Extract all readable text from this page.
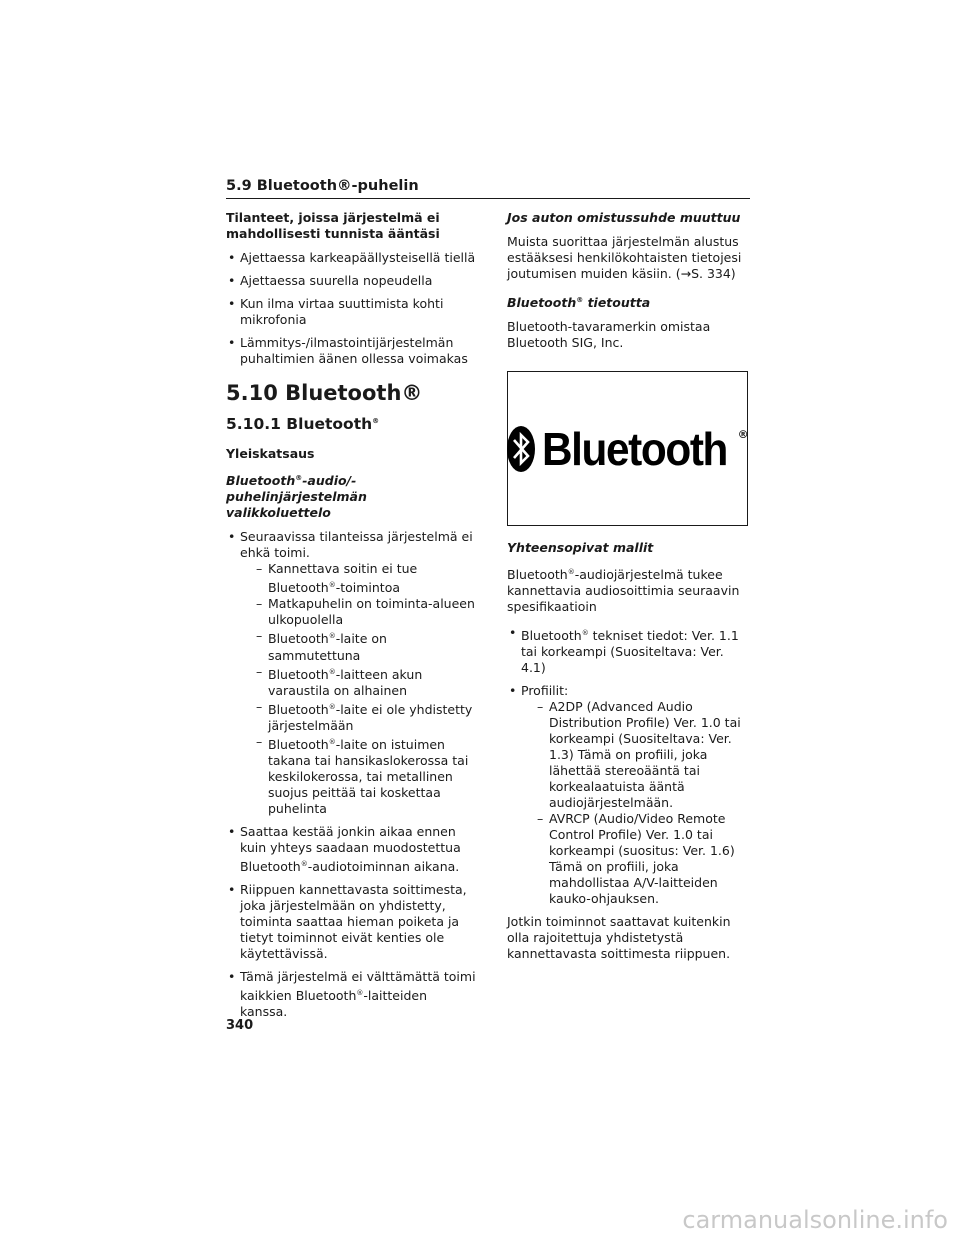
5.9 Bluetooth®-puhelin
Tilanteet, joissa järjestelmä ei mahdollisesti tunnista ääntäsi
• Ajettaessa karkeapäällysteisellä tiellä
• Ajettaessa suurella nopeudella
• Kun ilma virtaa suuttimista kohti mikrofonia
• Lämmitys-/ilmastointijärjestelmän puhaltimien äänen ollessa voimakas
5.10 Bluetooth®
5.10.1 Bluetooth®
Yleiskatsaus
Bluetooth®-audio/-puhelinjärjestelmän valikkoluettelo
• Seuraavissa tilanteissa järjestelmä ei ehkä toimi.
– Kannettava soitin ei tue Bluetooth®-toimintoa
– Matkapuhelin on toiminta-alueen ulkopuolella
– Bluetooth®-laite on sammutettuna
– Bluetooth®-laitteen akun varaustila on alhainen
– Bluetooth®-laite ei ole yhdistetty järjestelmään
– Bluetooth®-laite on istuimen takana tai hansikaslokerossa tai keskilokerossa, tai metallinen suojus peittää tai koskettaa puhelinta
• Saattaa kestää jonkin aikaa ennen kuin yhteys saadaan muodostettua Bluetooth®-audiotoiminnan aikana.
• Riippuen kannettavasta soittimesta, joka järjestelmään on yhdistetty, toiminta saattaa hieman poiketa ja tietyt toiminnot eivät kenties ole käytettävissä.
• Tämä järjestelmä ei välttämättä toimi kaikkien Bluetooth®-laitteiden kanssa.
Jos auton omistussuhde muuttuu

Muista suorittaa järjestelmän alustus estääksesi henkilökohtaisten tietojesi joutumisen muiden käsiin. (→S. 334)

Bluetooth® tietoutta

Bluetooth-tavaramerkin omistaa Bluetooth SIG, Inc.

Bluetooth ®
Yhteensopivat mallit

Bluetooth®-audiojärjestelmä tukee kannettavia audiosoittimia seuraavin spesifikaatioin

• Bluetooth® tekniset tiedot: Ver. 1.1 tai korkeampi (Suositeltava: Ver. 4.1)
• Profiilit:
– A2DP (Advanced Audio Distribution Profile) Ver. 1.0 tai korkeampi (Suositeltava: Ver. 1.3) Tämä on profiili, joka lähettää stereoääntä tai korkealaatuista ääntä audiojärjestelmään.
– AVRCP (Audio/Video Remote Control Profile) Ver. 1.0 tai korkeampi (suositus: Ver. 1.6) Tämä on profiili, joka mahdollistaa A/V-laitteiden kauko-ohjauksen.

Jotkin toiminnot saattavat kuitenkin olla rajoitettuja yhdistetystä kannettavasta soittimesta riippuen.

340
carmanualsonline.info
